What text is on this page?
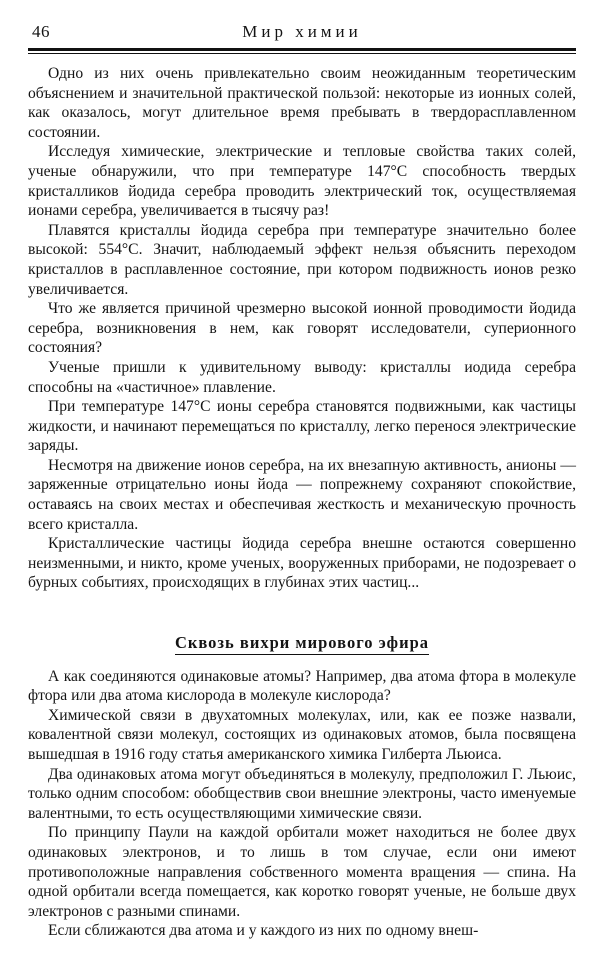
46	Мир химии

Одно из них очень привлекательно своим неожиданным теоретическим объяснением и значительной практической пользой: некоторые из ионных солей, как оказалось, могут длительное время пребывать в твердорасплавленном состоянии.

Исследуя химические, электрические и тепловые свойства таких солей, ученые обнаружили, что при температуре 147°С способность твердых кристалликов йодида серебра проводить электрический ток, осуществляемая ионами серебра, увеличивается в тысячу раз!

Плавятся кристаллы йодида серебра при температуре значительно более высокой: 554°С. Значит, наблюдаемый эффект нельзя объяснить переходом кристаллов в расплавленное состояние, при котором подвижность ионов резко увеличивается.

Что же является причиной чрезмерно высокой ионной проводимости йодида серебра, возникновения в нем, как говорят исследователи, суперионного состояния?

Ученые пришли к удивительному выводу: кристаллы иодида серебра способны на «частичное» плавление.

При температуре 147°С ионы серебра становятся подвижными, как частицы жидкости, и начинают перемещаться по кристаллу, легко перенося электрические заряды.

Несмотря на движение ионов серебра, на их внезапную активность, анионы — заряженные отрицательно ионы йода — попрежнему сохраняют спокойствие, оставаясь на своих местах и обеспечивая жесткость и механическую прочность всего кристалла.

Кристаллические частицы йодида серебра внешне остаются совершенно неизменными, и никто, кроме ученых, вооруженных приборами, не подозревает о бурных событиях, происходящих в глубинах этих частиц...

Сквозь вихри мирового эфира

А как соединяются одинаковые атомы? Например, два атома фтора в молекуле фтора или два атома кислорода в молекуле кислорода?

Химической связи в двухатомных молекулах, или, как ее позже назвали, ковалентной связи молекул, состоящих из одинаковых атомов, была посвящена вышедшая в 1916 году статья американского химика Гилберта Льюиса.

Два одинаковых атома могут объединяться в молекулу, предположил Г. Льюис, только одним способом: обобществив свои внешние электроны, часто именуемые валентными, то есть осуществляющими химические связи.

По принципу Паули на каждой орбитали может находиться не более двух одинаковых электронов, и то лишь в том случае, если они имеют противоположные направления собственного момента вращения — спина. На одной орбитали всегда помещается, как коротко говорят ученые, не больше двух электронов с разными спинами.

Если сближаются два атома и у каждого из них по одному внеш-
